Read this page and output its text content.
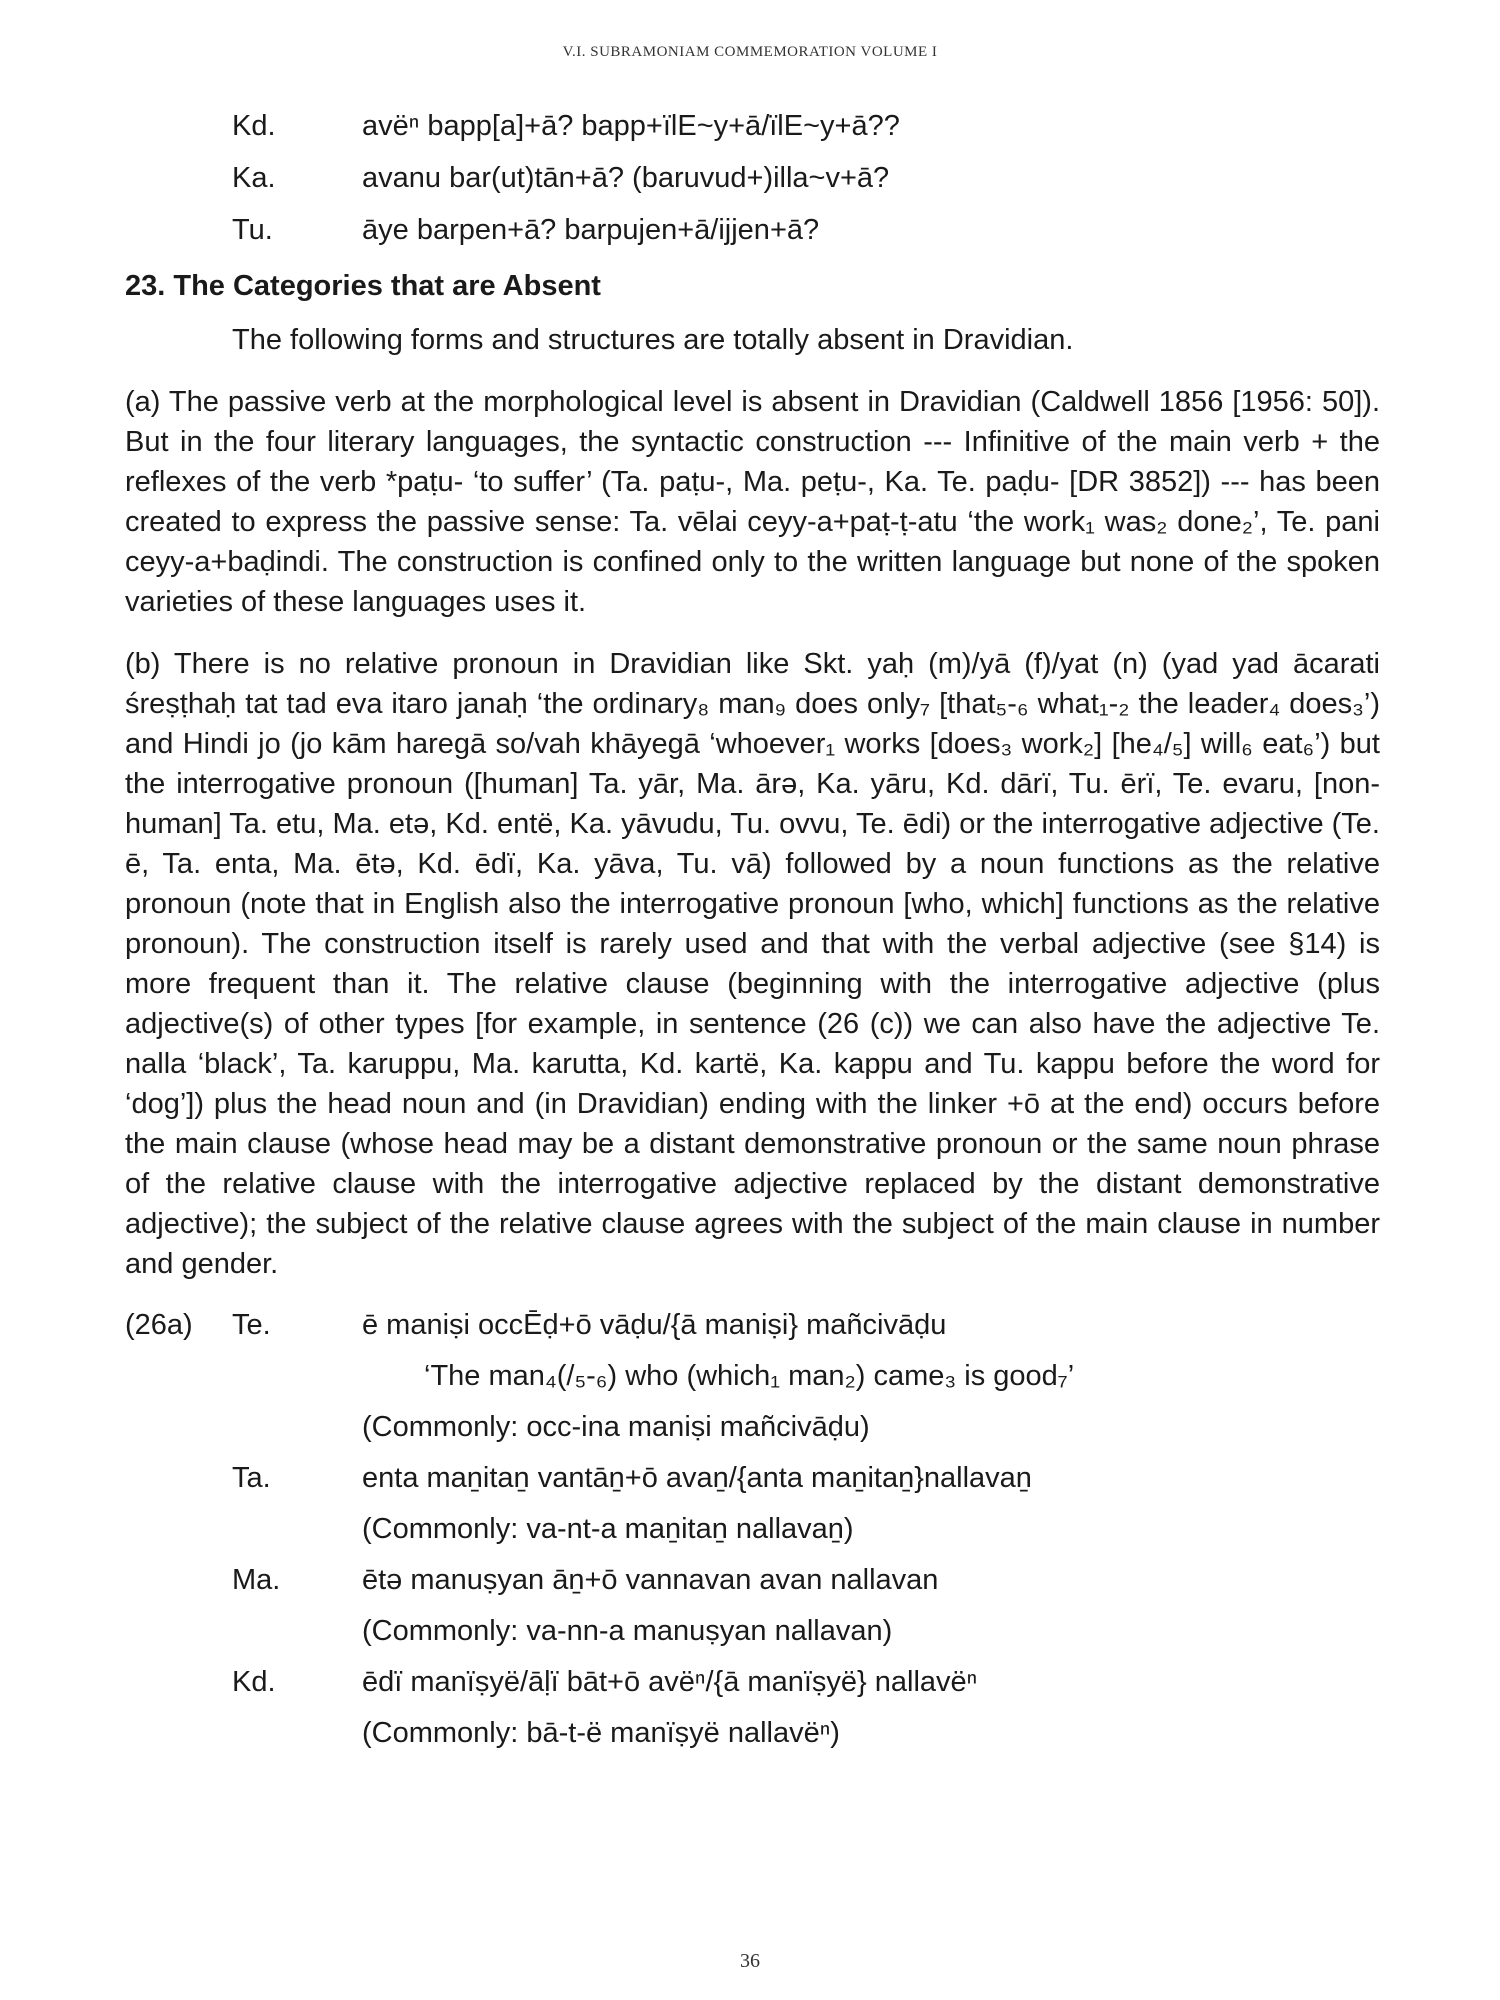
V.I. SUBRAMONIAM COMMEMORATION VOLUME I
Kd.	avëⁿ bapp[a]+ā? bapp+ïlE~y+ā/ïlE~y+ā??
Ka.	avanu bar(ut)tān+ā? (baruvud+)illa~v+ā?
Tu.	āye barpen+ā? barpujen+ā/ijjen+ā?
23. The Categories that are Absent

The following forms and structures are totally absent in Dravidian.

(a) The passive verb at the morphological level is absent in Dravidian (Caldwell 1856 [1956: 50]). But in the four literary languages, the syntactic construction --- Infinitive of the main verb + the reflexes of the verb *paṭu- ‘to suffer’ (Ta. paṭu-, Ma. peṭu-, Ka. Te. paḍu- [DR 3852]) --- has been created to express the passive sense: Ta. vēlai ceyy-a+paṭ-ṭ-atu ‘the work₁ was₂ done₂’, Te. pani ceyy-a+baḍindi. The construction is confined only to the written language but none of the spoken varieties of these languages uses it.

(b) There is no relative pronoun in Dravidian like Skt. yaḥ (m)/yā (f)/yat (n) (yad yad ācarati śreṣṭhaḥ tat tad eva itaro janaḥ ‘the ordinary₈ man₉ does only₇ [that₅-₆ what₁-₂ the leader₄ does₃’) and Hindi jo (jo kām haregā so/vah khāyegā ‘whoever₁ works [does₃ work₂] [he₄/₅] will₆ eat₆’) but the interrogative pronoun ([human] Ta. yār, Ma. ārə, Ka. yāru, Kd. dārï, Tu. ērï, Te. evaru, [non-human] Ta. etu, Ma. etə, Kd. entë, Ka. yāvudu, Tu. ovvu, Te. ēdi) or the interrogative adjective (Te. ē, Ta. enta, Ma. ētə, Kd. ēdï, Ka. yāva, Tu. vā) followed by a noun functions as the relative pronoun (note that in English also the interrogative pronoun [who, which] functions as the relative pronoun). The construction itself is rarely used and that with the verbal adjective (see §14) is more frequent than it. The relative clause (beginning with the interrogative adjective (plus adjective(s) of other types [for example, in sentence (26 (c)) we can also have the adjective Te. nalla ‘black’, Ta. karuppu, Ma. karutta, Kd. kartë, Ka. kappu and Tu. kappu before the word for ‘dog’]) plus the head noun and (in Dravidian) ending with the linker +ō at the end) occurs before the main clause (whose head may be a distant demonstrative pronoun or the same noun phrase of the relative clause with the interrogative adjective replaced by the distant demonstrative adjective); the subject of the relative clause agrees with the subject of the main clause in number and gender.

(26a)	Te.	ē maniṣi occĒḍ+ō vāḍu/{ā maniṣi} mañcivāḍu
‘The man₄(/₅-₆) who (which₁ man₂) came₃ is good₇’
(Commonly: occ-ina maniṣi mañcivāḍu)
Ta.	enta maṉitaṉ vantāṉ+ō avaṉ/{anta maṉitaṉ}nallavaṉ
(Commonly: va-nt-a maṉitaṉ nallavaṉ)
Ma.	ētə manuṣyan āṉ+ō vannavan avan nallavan
(Commonly: va-nn-a manuṣyan nallavan)
Kd.	ēdï manïṣyë/āḷï bāt+ō avëⁿ/{ā manïṣyë} nallavëⁿ
(Commonly: bā-t-ë manïṣyë nallavëⁿ)
36
